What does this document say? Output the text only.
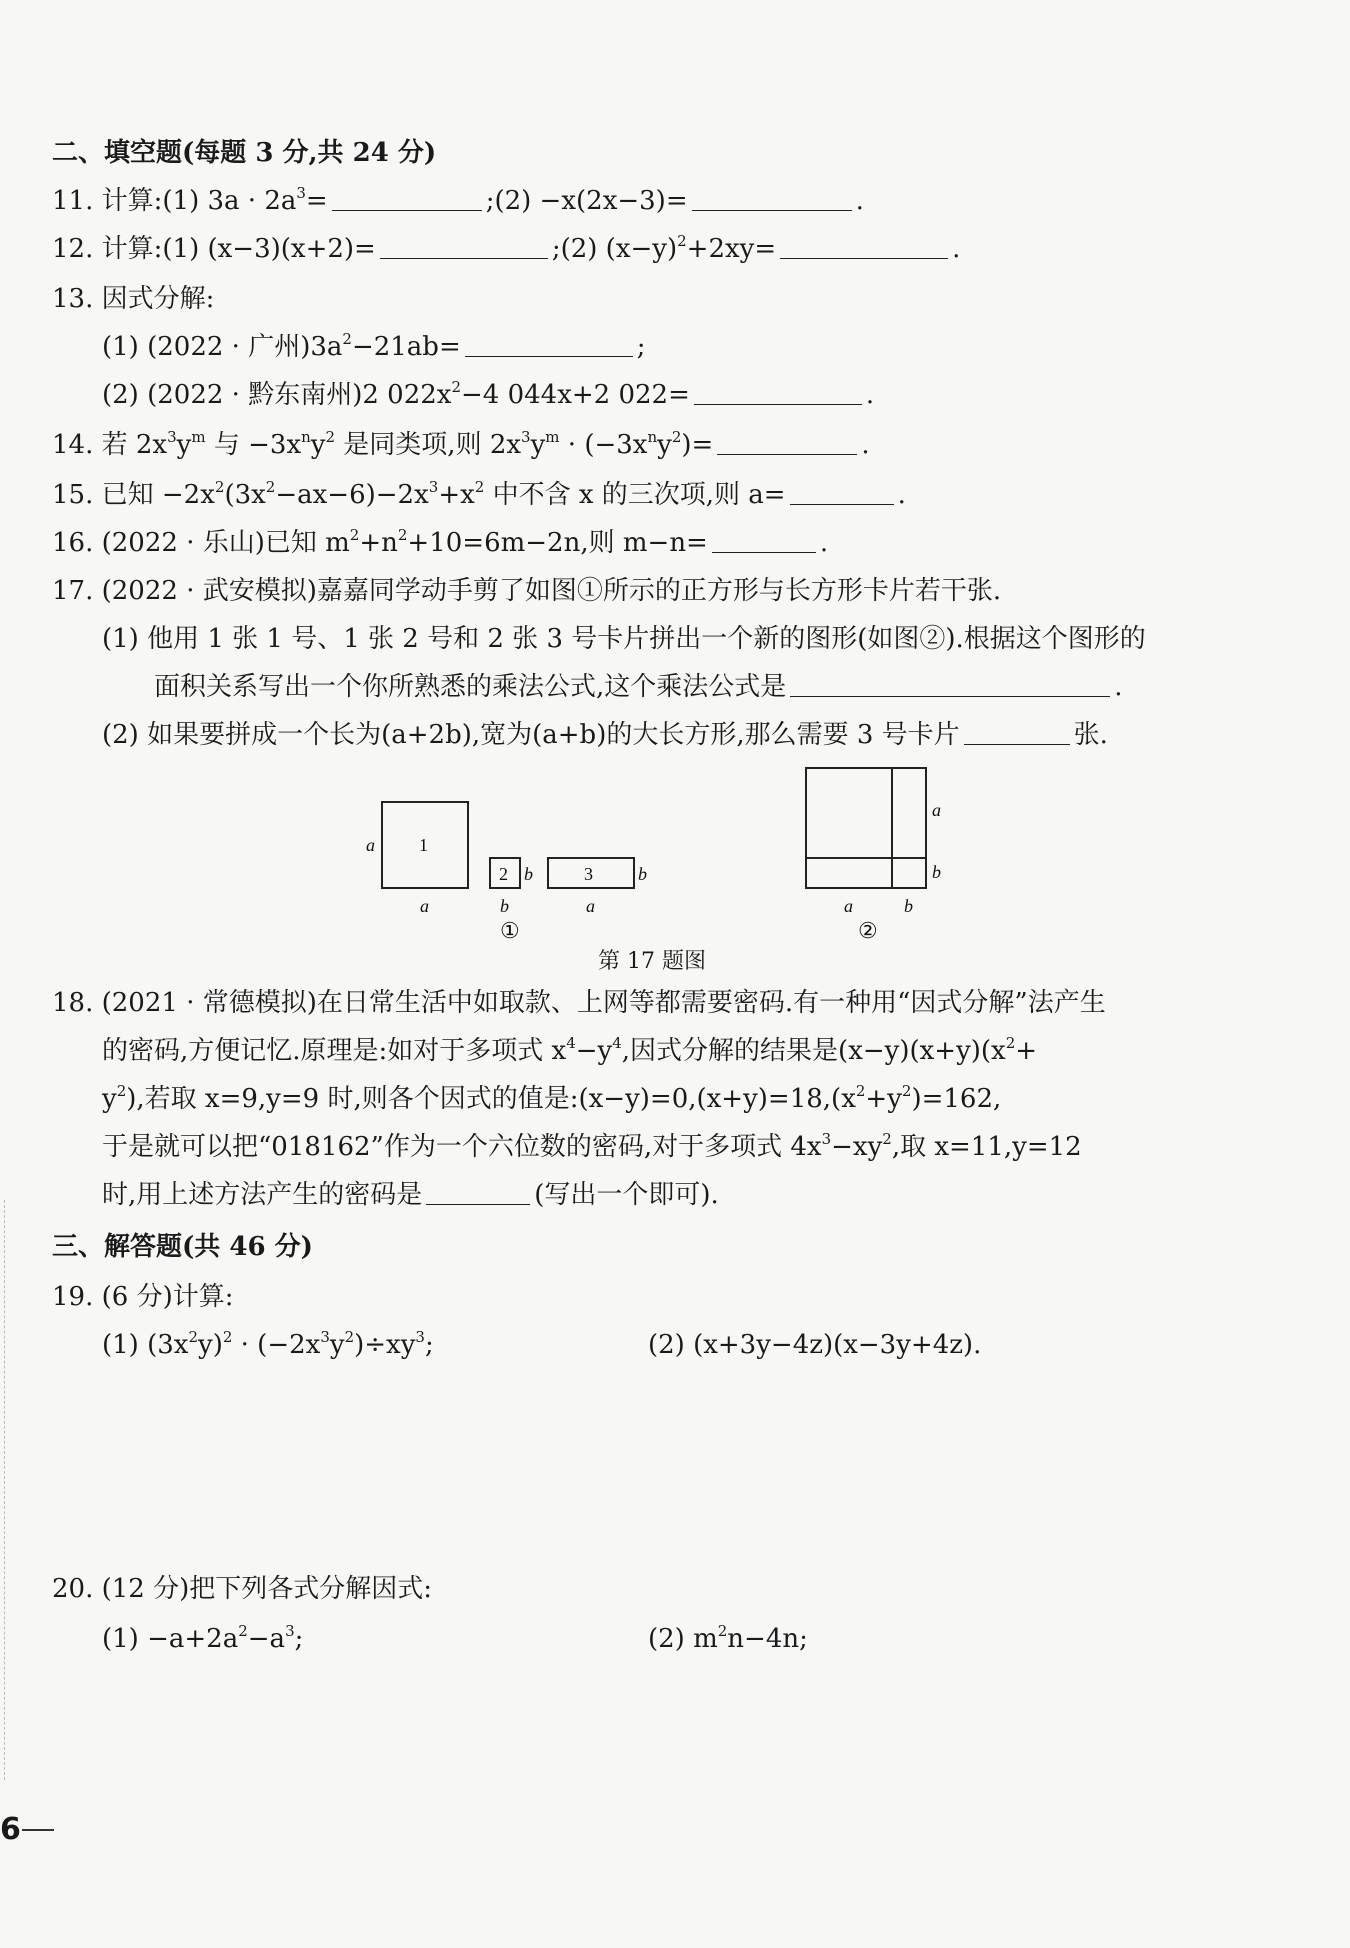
二、填空题(每题 3 分,共 24 分)
11. 计算:(1) $3a \cdot 2a^3=$	;(2) −x(2x−3)=	.
12. 计算:(1) (x−3)(x+2)=	;(2) $(x-y)^2+2xy=$	.
13. 因式分解:
(1) (2022 · 广州)$3a^2-21ab=$	;
(2) (2022 · 黔东南州)2 $022x^2-4$ 044x+2 022=	.
14. 若 $2x^3y^m$ 与 $-3x^ny^2$ 是同类项,则 $2x^3y^m \cdot (-3x^ny^2)=$	.
15. 已知 $-2x^2(3x^2-ax-6)-2x^3+x^2$ 中不含 x 的三次项,则 a=	.
16. (2022 · 乐山)已知 $m^2+n^2+10=6m-2n$,则 m−n=	.
17. (2022 · 武安模拟)嘉嘉同学动手剪了如图①所示的正方形与长方形卡片若干张.
(1) 他用 1 张 1 号、1 张 2 号和 2 张 3 号卡片拼出一个新的图形(如图②).根据这个图形的
面积关系写出一个你所熟悉的乘法公式,这个乘法公式是	.
(2) 如果要拼成一个长为(a+2b),宽为(a+b)的大长方形,那么需要 3 号卡片	张.
a 1
a
2 b
b
3	b
a
①
a
b
a	b
②
第 17 题图
18. (2021 · 常德模拟)在日常生活中如取款、上网等都需要密码.有一种用“因式分解”法产生
的密码,方便记忆.原理是:如对于多项式 $x^4-y^4$,因式分解的结果是$(x-y)(x+y)(x^2+$
$y^2$),若取 x=9,y=9 时,则各个因式的值是$:(x-y)=0,(x+y)=18,(x^2+y^2)=162$,
于是就可以把“018162”作为一个六位数的密码,对于多项式 $4x^3-xy^2$,取 x=11,y=12
时,用上述方法产生的密码是	(写出一个即可).
三、解答题(共 46 分)
19. (6 分)计算:
(1) $(3x^2y)^2 \cdot (-2x^3y^2)\div xy^3$;	(2) (x+3y−4z)(x−3y+4z).
20. (12 分)把下列各式分解因式:
$(1) -a+2a^2-a^3$;	(2) $m^2n-4n$;
6
